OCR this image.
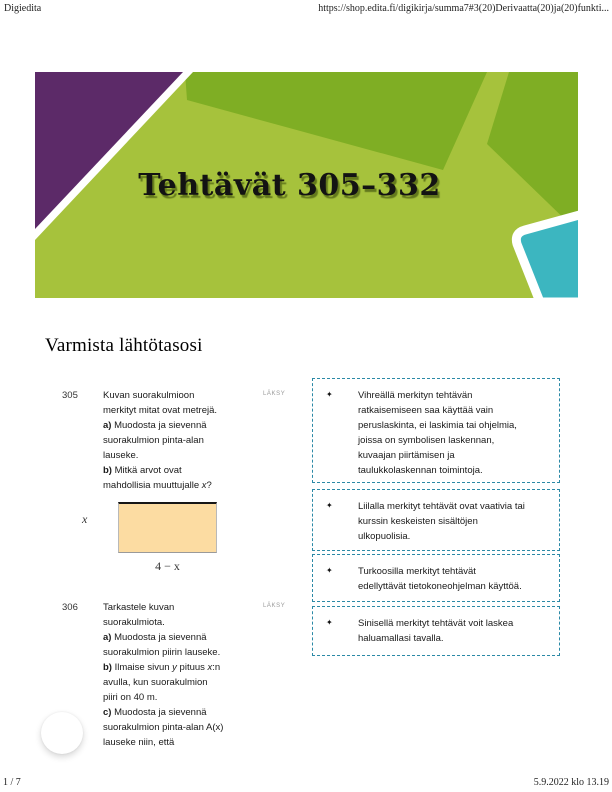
Digiedita	https://shop.edita.fi/digikirja/summa7#3(20)Derivaatta(20)ja(20)funkti...
Tehtävät 305–332
Varmista lähtötasosi
305	LÄKSY
Kuvan suorakulmioon
merkityt mitat ovat metrejä.
a) Muodosta ja sievennä
suorakulmion pinta-alan
lauseke.
b) Mitkä arvot ovat
mahdollisia muuttujalle x?
x
4 − x
306	LÄKSY
Tarkastele kuvan
suorakulmiota.
a) Muodosta ja sievennä
suorakulmion piirin lauseke.
b) Ilmaise sivun y pituus x:n
avulla, kun suorakulmion
piiri on 40 m.
c) Muodosta ja sievennä
suorakulmion pinta-alan A(x)
lauseke niin, että
✦	Vihreällä merkityn tehtävän
ratkaisemiseen saa käyttää vain
peruslaskinta, ei laskimia tai ohjelmia,
joissa on symbolisen laskennan,
kuvaajan piirtämisen ja
taulukkolaskennan toimintoja.
✦	Liilalla merkityt tehtävät ovat vaativia tai
kurssin keskeisten sisältöjen
ulkopuolisia.
✦	Turkoosilla merkityt tehtävät
edellyttävät tietokoneohjelman käyttöä.
✦	Sinisellä merkityt tehtävät voit laskea
haluamallasi tavalla.
1 / 7	5.9.2022 klo 13.19
